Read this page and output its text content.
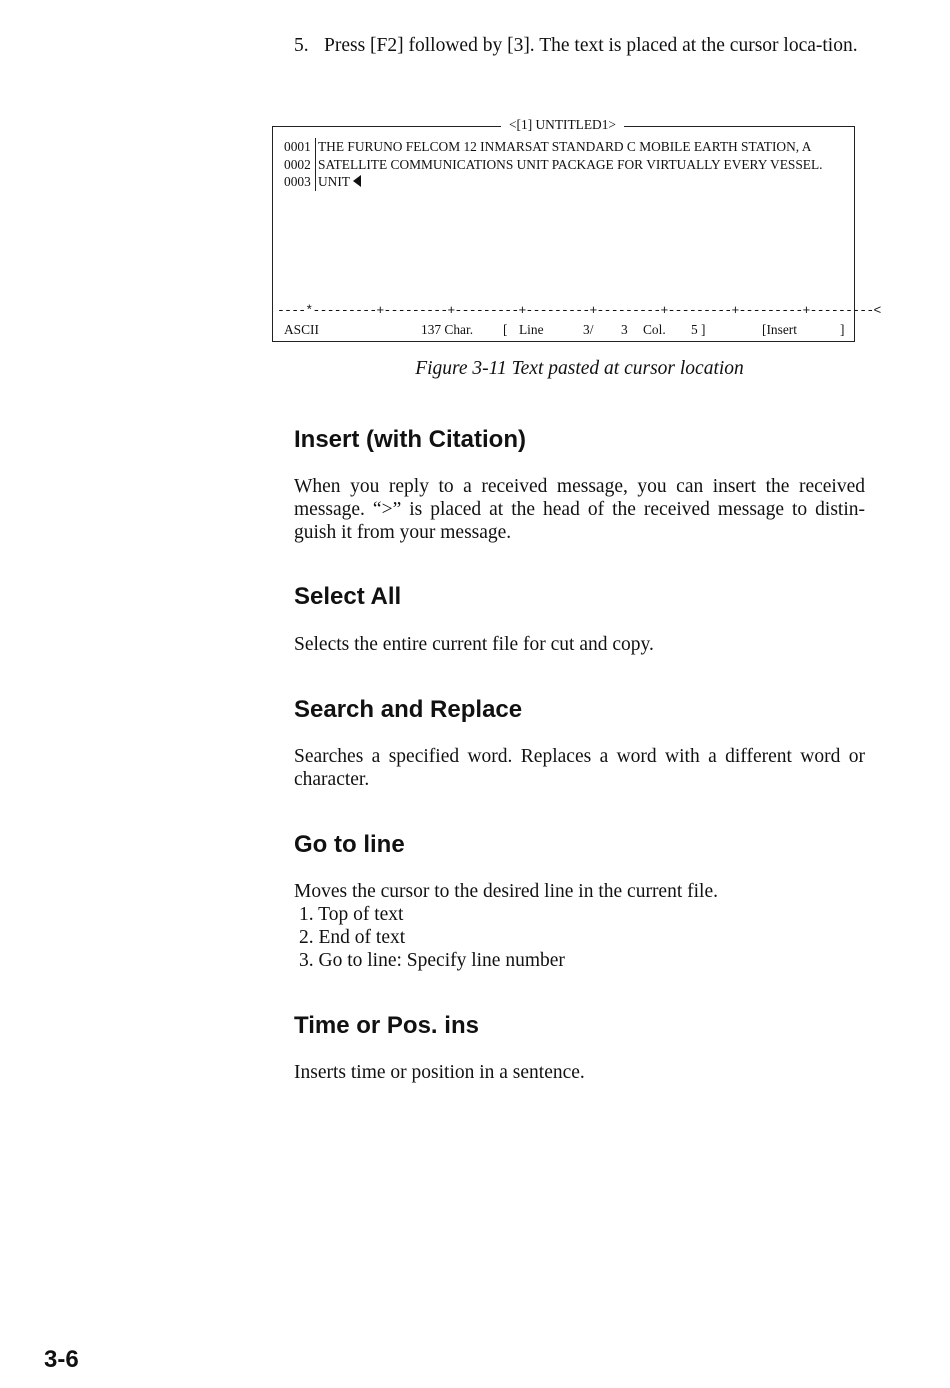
5. Press [F2] followed by [3]. The text is placed at the cursor loca-tion.
<[1] UNTITLED1>
0001 THE FURUNO FELCOM 12 INMARSAT STANDARD C MOBILE EARTH STATION, A
0002 SATELLITE COMMUNICATIONS UNIT PACKAGE FOR VIRTUALLY EVERY VESSEL.
0003 UNIT
----*---------+---------+---------+---------+---------+---------+---------+---------<
ASCII	137 Char. [ Line	3/ 3 Col. 5 ]	[Insert	]
Figure 3-11 Text pasted at cursor location
Insert (with Citation)

When you reply to a received message, you can insert the received message. “>” is placed at the head of the received message to distin-guish it from your message.

Select All

Selects the entire current file for cut and copy.

Search and Replace

Searches a specified word. Replaces a word with a different word or character.

Go to line

Moves the cursor to the desired line in the current file.

1. Top of text
2. End of text
3. Go to line: Specify line number
Time or Pos. ins

Inserts time or position in a sentence.

3-6
